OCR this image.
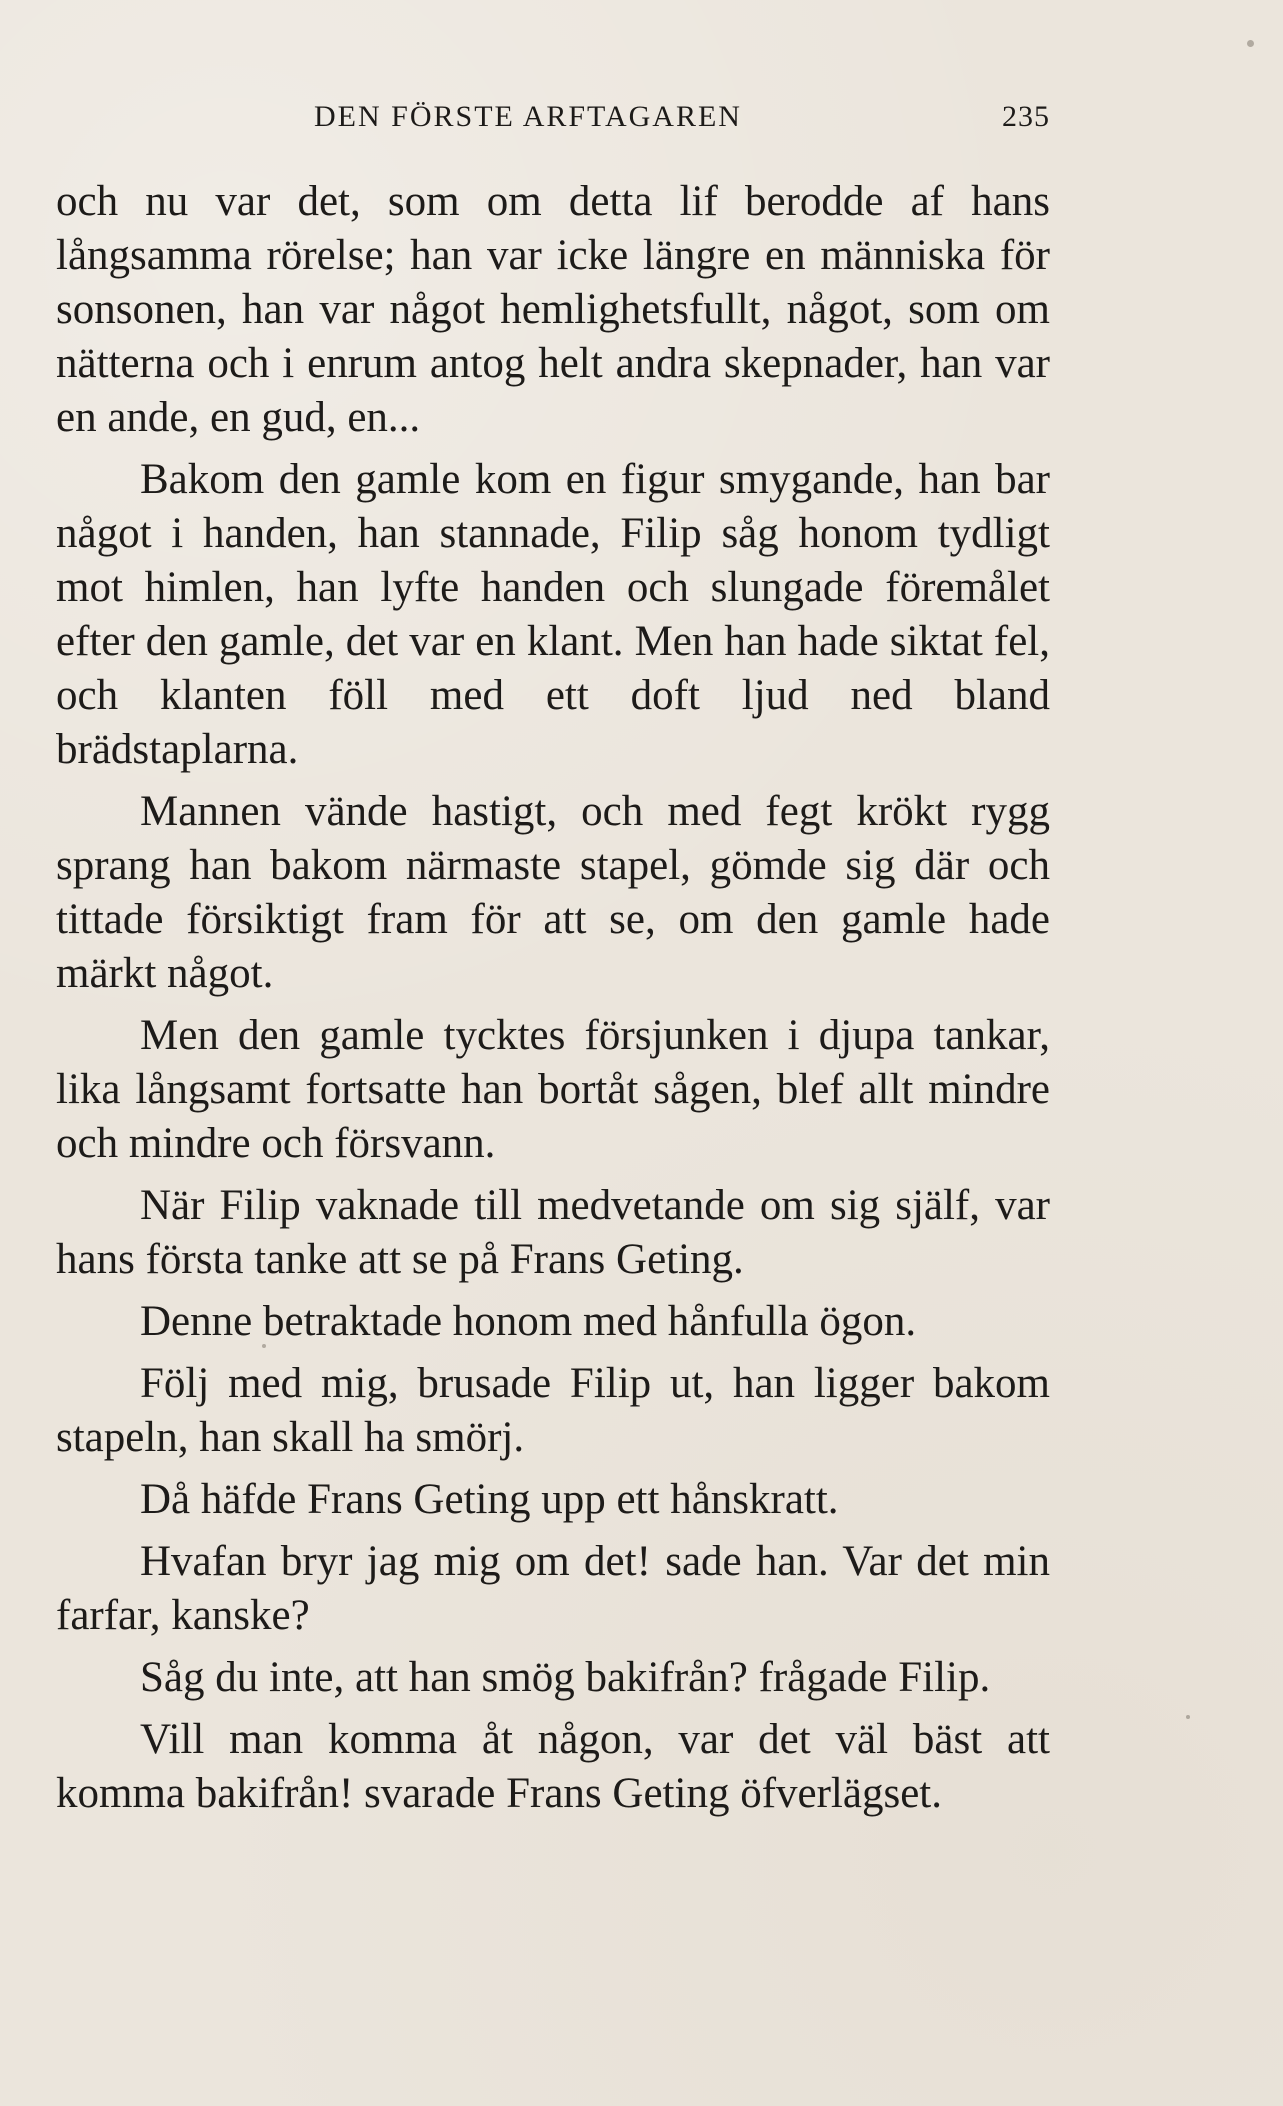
DEN FÖRSTE ARFTAGAREN	235

och nu var det, som om detta lif berodde af hans långsamma rörelse; han var icke längre en människa för sonsonen, han var något hemlighetsfullt, något, som om nätterna och i enrum antog helt andra skepnader, han var en ande, en gud, en...

Bakom den gamle kom en figur smygande, han bar något i handen, han stannade, Filip såg honom tydligt mot himlen, han lyfte handen och slungade föremålet efter den gamle, det var en klant. Men han hade siktat fel, och klanten föll med ett doft ljud ned bland brädstaplarna.

Mannen vände hastigt, och med fegt krökt rygg sprang han bakom närmaste stapel, gömde sig där och tittade försiktigt fram för att se, om den gamle hade märkt något.

Men den gamle tycktes försjunken i djupa tankar, lika långsamt fortsatte han bortåt sågen, blef allt mindre och mindre och försvann.

När Filip vaknade till medvetande om sig själf, var hans första tanke att se på Frans Geting.

Denne betraktade honom med hånfulla ögon.

Följ med mig, brusade Filip ut, han ligger bakom stapeln, han skall ha smörj.

Då häfde Frans Geting upp ett hånskratt.

Hvafan bryr jag mig om det! sade han. Var det min farfar, kanske?

Såg du inte, att han smög bakifrån? frågade Filip.

Vill man komma åt någon, var det väl bäst att komma bakifrån! svarade Frans Geting öfverlägset.
